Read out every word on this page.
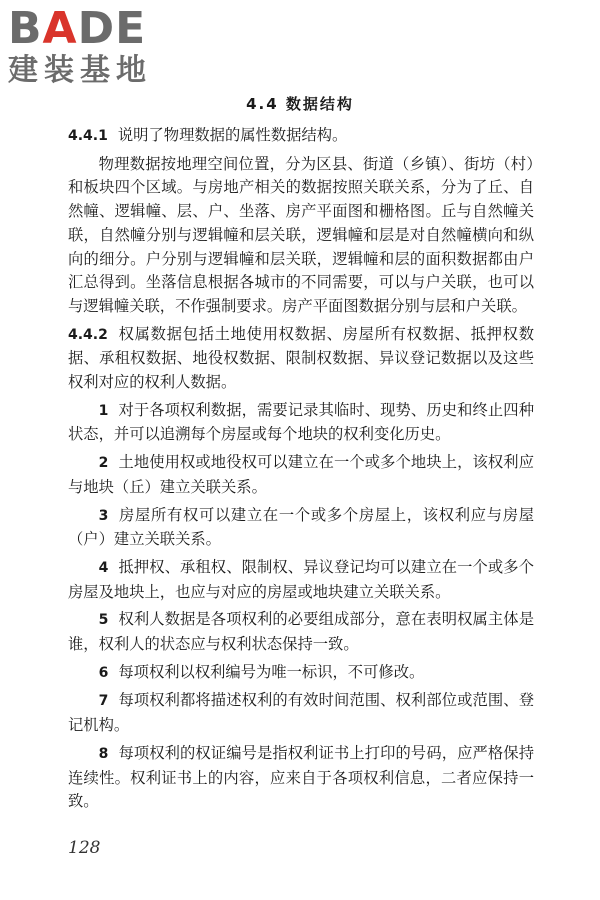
BADE
建装基地
4.4 数据结构

4.4.1 说明了物理数据的属性数据结构。

物理数据按地理空间位置，分为区县、街道（乡镇）、街坊（村）和板块四个区域。与房地产相关的数据按照关联关系，分为了丘、自然幢、逻辑幢、层、户、坐落、房产平面图和栅格图。丘与自然幢关联，自然幢分别与逻辑幢和层关联，逻辑幢和层是对自然幢横向和纵向的细分。户分别与逻辑幢和层关联，逻辑幢和层的面积数据都由户汇总得到。坐落信息根据各城市的不同需要，可以与户关联，也可以与逻辑幢关联，不作强制要求。房产平面图数据分别与层和户关联。

4.4.2 权属数据包括土地使用权数据、房屋所有权数据、抵押权数据、承租权数据、地役权数据、限制权数据、异议登记数据以及这些权利对应的权利人数据。

1 对于各项权利数据，需要记录其临时、现势、历史和终止四种状态，并可以追溯每个房屋或每个地块的权利变化历史。

2 土地使用权或地役权可以建立在一个或多个地块上，该权利应与地块（丘）建立关联关系。

3 房屋所有权可以建立在一个或多个房屋上，该权利应与房屋（户）建立关联关系。

4 抵押权、承租权、限制权、异议登记均可以建立在一个或多个房屋及地块上，也应与对应的房屋或地块建立关联关系。

5 权利人数据是各项权利的必要组成部分，意在表明权属主体是谁，权利人的状态应与权利状态保持一致。

6 每项权利以权利编号为唯一标识，不可修改。

7 每项权利都将描述权利的有效时间范围、权利部位或范围、登记机构。

8 每项权利的权证编号是指权利证书上打印的号码，应严格保持连续性。权利证书上的内容，应来自于各项权利信息，二者应保持一致。

128
